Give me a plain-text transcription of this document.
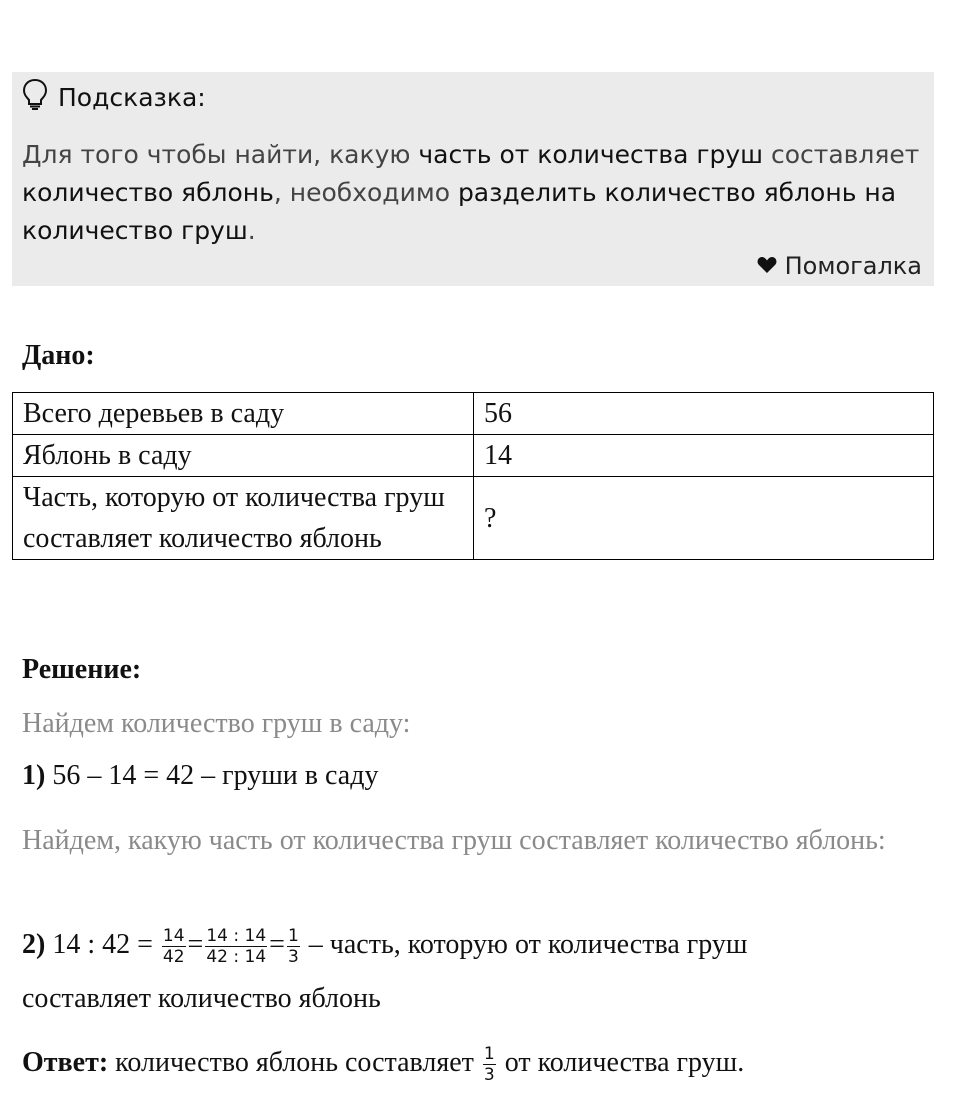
Подсказка:
Для того чтобы найти, какую часть от количества груш составляет количество яблонь, необходимо разделить количество яблонь на количество груш.
Помогалка
Дано:
Всего деревьев в саду	56
Яблонь в саду	14
Часть, которую от количества груш составляет количество яблонь	?
Решение:
Найдем количество груш в саду:
1) 56 – 14 = 42 – груши в саду
Найдем, какую часть от количества груш составляет количество яблонь:
2) 14 : $42 = \frac{14}{42} = \frac{14 : 14}{42 : 14} = \frac{1}{3}$ – часть, которую от количества груш
составляет количество яблонь
Ответ: количество яблонь составляет $\frac{1}{3}$ от количества груш.
